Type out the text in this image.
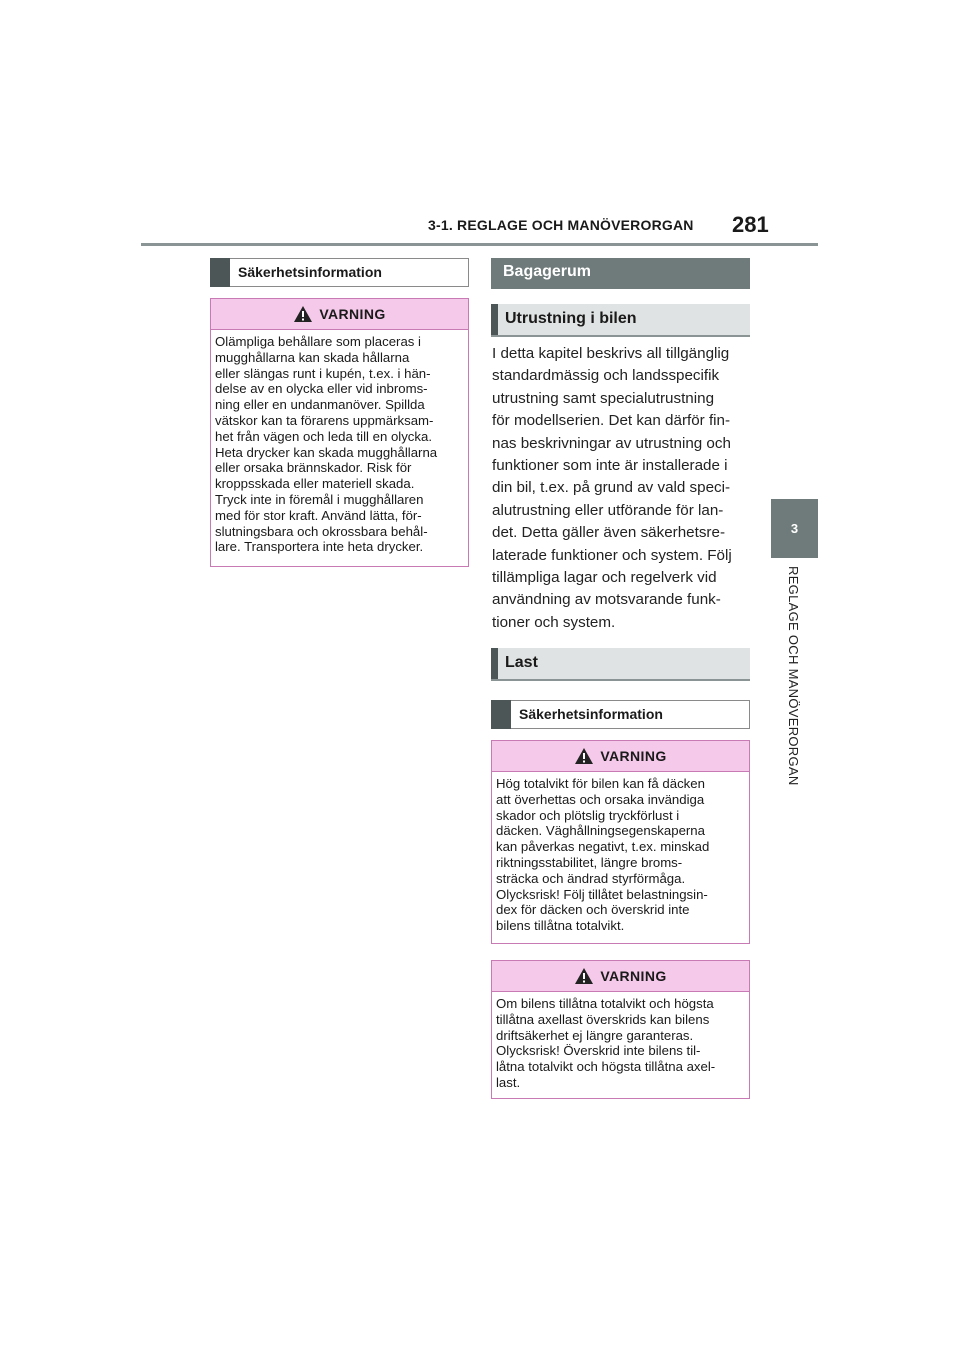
3-1. REGLAGE OCH MANÖVERORGAN 281
3
REGLAGE OCH MANÖVERORGAN
Säkerhetsinformation
VARNING

Olämpliga behållare som placeras i

mugghållarna kan skada hållarna

eller slängas runt i kupén, t.ex. i hän-

delse av en olycka eller vid inbroms-

ning eller en undanmanöver. Spillda

vätskor kan ta förarens uppmärksam-

het från vägen och leda till en olycka.

Heta drycker kan skada mugghållarna

eller orsaka brännskador. Risk för

kroppsskada eller materiell skada.

Tryck inte in föremål i mugghållaren

med för stor kraft. Använd lätta, för-

slutningsbara och okrossbara behål-

lare. Transportera inte heta drycker.

Bagagerum
Utrustning i bilen

I detta kapitel beskrivs all tillgänglig

standardmässig och landsspecifik

utrustning samt specialutrustning

för modellserien. Det kan därför fin-

nas beskrivningar av utrustning och

funktioner som inte är installerade i

din bil, t.ex. på grund av vald speci-

alutrustning eller utförande för lan-

det. Detta gäller även säkerhetsre-

laterade funktioner och system. Följ

tillämpliga lagar och regelverk vid

användning av motsvarande funk-

tioner och system.

Last
Säkerhetsinformation
VARNING

Hög totalvikt för bilen kan få däcken

att överhettas och orsaka invändiga

skador och plötslig tryckförlust i

däcken. Väghållningsegenskaperna

kan påverkas negativt, t.ex. minskad

riktningsstabilitet, längre broms-

sträcka och ändrad styrförmåga.

Olycksrisk! Följ tillåtet belastningsin-

dex för däcken och överskrid inte

bilens tillåtna totalvikt.

VARNING

Om bilens tillåtna totalvikt och högsta

tillåtna axellast överskrids kan bilens

driftsäkerhet ej längre garanteras.

Olycksrisk! Överskrid inte bilens til-

låtna totalvikt och högsta tillåtna axel-

last.
